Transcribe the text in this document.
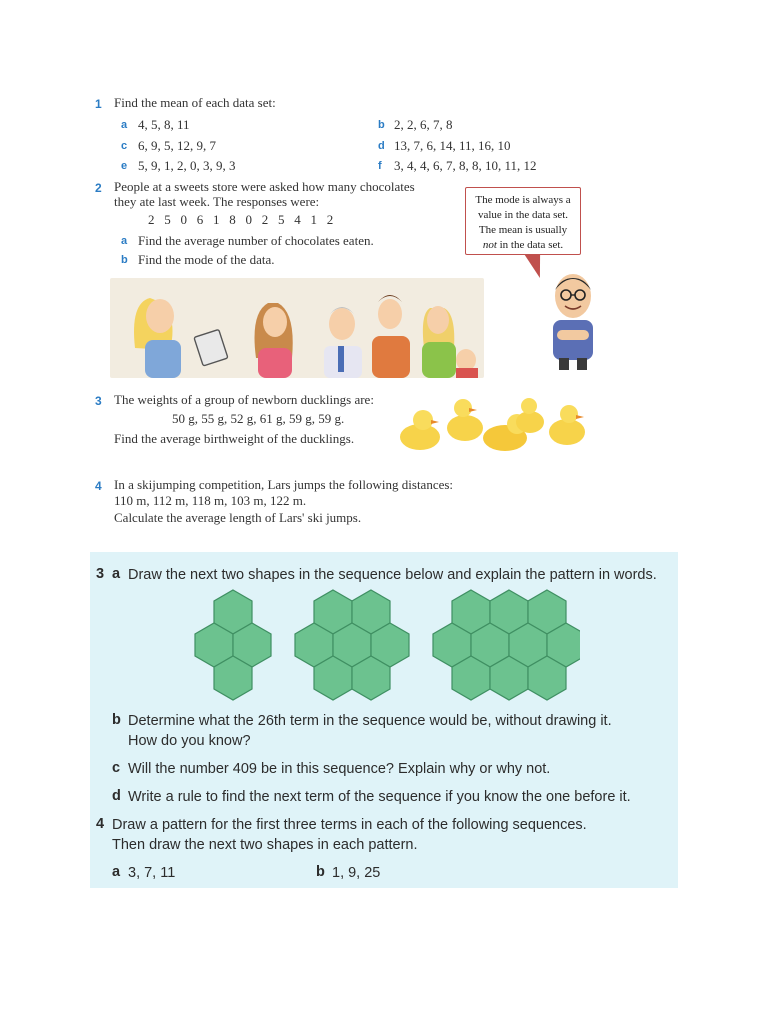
1 Find the mean of each data set:
a 4, 5, 8, 11	b 2, 2, 6, 7, 8
c 6, 9, 5, 12, 9, 7	d 13, 7, 6, 14, 11, 16, 10
e 5, 9, 1, 2, 0, 3, 9, 3	f 3, 4, 4, 6, 7, 8, 8, 10, 11, 12
2 People at a sweets store were asked how many chocolates
they ate last week. The responses were:
2   5   0   6   1   8   0   2   5   4   1   2
a Find the average number of chocolates eaten.
b Find the mode of the data.
The mode is always a
value in the data set.
The mean is usually
not in the data set.
3 The weights of a group of newborn ducklings are:
50 g, 55 g, 52 g, 61 g, 59 g, 59 g.
Find the average birthweight of the ducklings.
4 In a skijumping competition, Lars jumps the following distances:
110 m, 112 m, 118 m, 103 m, 122 m.
Calculate the average length of Lars' ski jumps.
3 a Draw the next two shapes in the sequence below and explain the pattern in words.
b Determine what the 26th term in the sequence would be, without drawing it.
How do you know?
c Will the number 409 be in this sequence? Explain why or why not.
d Write a rule to find the next term of the sequence if you know the one before it.
4 Draw a pattern for the first three terms in each of the following sequences.
Then draw the next two shapes in each pattern.
a 3, 7, 11	b 1, 9, 25
